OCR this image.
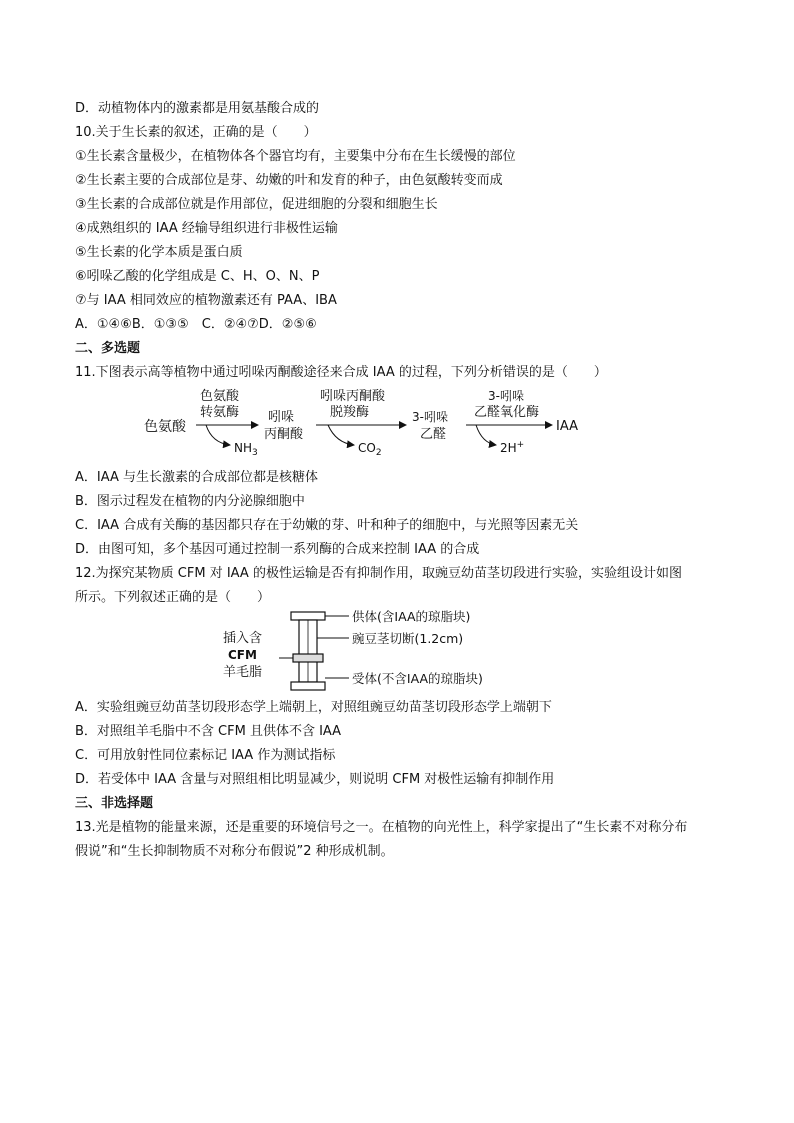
D．动植物体内的激素都是用氨基酸合成的
10.关于生长素的叙述，正确的是（　　）
①生长素含量极少，在植物体各个器官均有，主要集中分布在生长缓慢的部位
②生长素主要的合成部位是芽、幼嫩的叶和发育的种子，由色氨酸转变而成
③生长素的合成部位就是作用部位，促进细胞的分裂和细胞生长
④成熟组织的 IAA 经输导组织进行非极性运输
⑤生长素的化学本质是蛋白质
⑥吲哚乙酸的化学组成是 C、H、O、N、P
⑦与 IAA 相同效应的植物激素还有 PAA、IBA
A．①④⑥B．①③⑤　C．②④⑦D．②⑤⑥
二、多选题
11.下图表示高等植物中通过吲哚丙酮酸途径来合成 IAA 的过程，下列分析错误的是（　　）
色氨酸
色氨酸
转氨酶
$NH_3$
吲哚
丙酮酸
吲哚丙酮酸
脱羧酶
$CO_2$
3-吲哚
乙醛
3-吲哚
乙醛氧化酶
2H+
IAA
A．IAA 与生长激素的合成部位都是核糖体
B．图示过程发在植物的内分泌腺细胞中
C．IAA 合成有关酶的基因都只存在于幼嫩的芽、叶和种子的细胞中，与光照等因素无关
D．由图可知，多个基因可通过控制一系列酶的合成来控制 IAA 的合成
12.为探究某物质 CFM 对 IAA 的极性运输是否有抑制作用，取豌豆幼苗茎切段进行实验，实验组设计如图
所示。下列叙述正确的是（　　）
插入含
CFM
羊毛脂
供体(含IAA的琼脂块)
豌豆茎切断(1.2cm)
受体(不含IAA的琼脂块)
A．实验组豌豆幼苗茎切段形态学上端朝上，对照组豌豆幼苗茎切段形态学上端朝下
B．对照组羊毛脂中不含 CFM 且供体不含 IAA
C．可用放射性同位素标记 IAA 作为测试指标
D．若受体中 IAA 含量与对照组相比明显减少，则说明 CFM 对极性运输有抑制作用
三、非选择题
13.光是植物的能量来源，还是重要的环境信号之一。在植物的向光性上，科学家提出了“生长素不对称分布
假说”和“生长抑制物质不对称分布假说”2 种形成机制。
